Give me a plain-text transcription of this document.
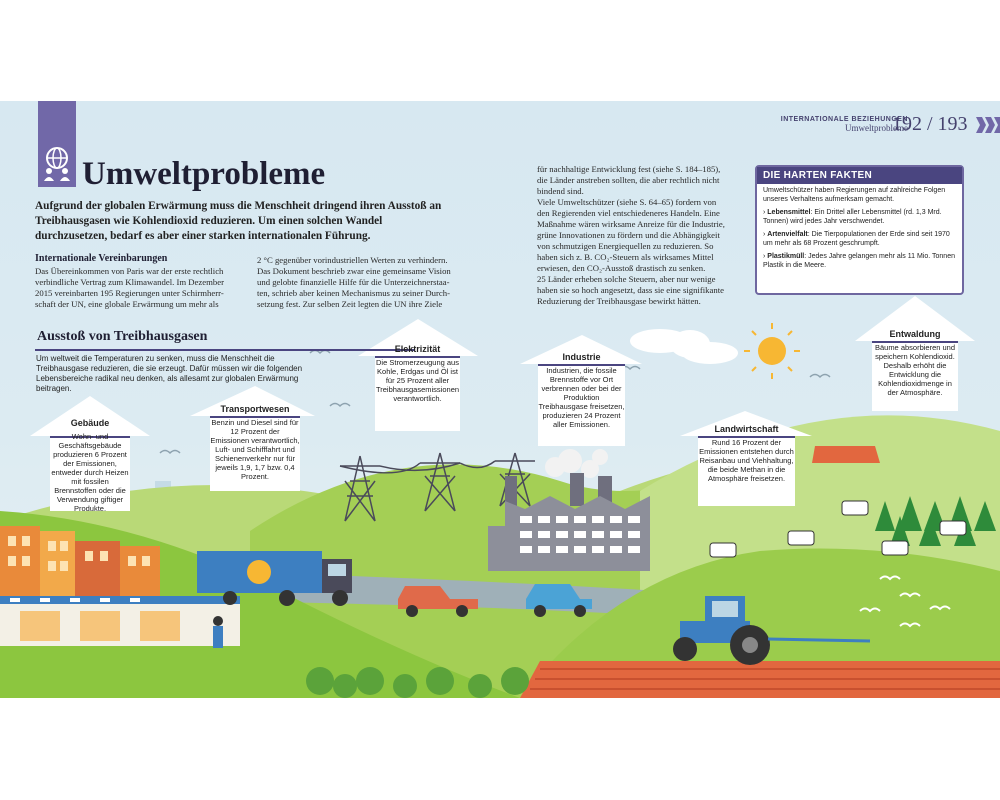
INTERNATIONALE BEZIEHUNGEN
Umweltprobleme
192 / 193
Umweltprobleme
Aufgrund der globalen Erwärmung muss die Menschheit dringend ihren Ausstoß an Treibhausgasen wie Kohlendioxid reduzieren. Um einen solchen Wandel durchzusetzen, bedarf es aber einer starken internationalen Führung.
Internationale Vereinbarungen
Das Übereinkommen von Paris war der erste rechtlich
verbindliche Vertrag zum Klimawandel. Im Dezember
2015 vereinbarten 195 Regierungen unter Schirmherr-
schaft der UN, eine globale Erwärmung um mehr als
2 °C gegenüber vorindustriellen Werten zu verhindern.
Das Dokument beschrieb zwar eine gemeinsame Vision
und gelobte finanzielle Hilfe für die Unterzeichnerstaa-
ten, schrieb aber keinen Mechanismus zu seiner Durch-
setzung fest. Zur selben Zeit legten die UN ihre Ziele
für nachhaltige Entwicklung fest (siehe S. 184–185),
die Länder anstreben sollten, die aber rechtlich nicht
bindend sind.
Viele Umweltschützer (siehe S. 64–65) fordern von
den Regierenden viel entschiedeneres Handeln. Eine
Maßnahme wären wirksame Anreize für die Industrie,
grüne Innovationen zu fördern und die Abhängigkeit
von schmutzigen Energiequellen zu reduzieren. So
haben sich z. B. CO₂-Steuern als wirksames Mittel
erwiesen, den CO₂-Ausstoß drastisch zu senken.
25 Länder erheben solche Steuern, aber nur wenige
haben sie so hoch angesetzt, dass sie eine signifikante
Reduzierung der Treibhausgase bewirkt hätten.
DIE HARTEN FAKTEN
Umweltschützer haben Regierungen auf zahlreiche Folgen unseres Verhaltens aufmerksam gemacht.
› Lebensmittel: Ein Drittel aller Lebensmittel (rd. 1,3 Mrd. Tonnen) wird jedes Jahr verschwendet.
› Artenvielfalt: Die Tierpopulationen der Erde sind seit 1970 um mehr als 68 Prozent geschrumpft.
› Plastikmüll: Jedes Jahre gelangen mehr als 11 Mio. Tonnen Plastik in die Meere.
Ausstoß von Treibhausgasen
Um weltweit die Temperaturen zu senken, muss die Menschheit die Treibhausgase reduzieren, die sie erzeugt. Dafür müssen wir die folgenden Lebensbereiche radikal neu denken, als allesamt zur globalen Erwärmung beitragen.
Gebäude
Wohn- und Geschäftsgebäude produzieren 6 Prozent der Emissionen, entweder durch Heizen mit fossilen Brennstoffen oder die Verwendung giftiger Produkte.
Transportwesen
Benzin und Diesel sind für 12 Prozent der Emissionen verantwortlich, Luft- und Schifffahrt und Schienenverkehr nur für jeweils 1,9, 1,7 bzw. 0,4 Prozent.
Elektrizität
Die Stromerzeugung aus Kohle, Erdgas und Öl ist für 25 Prozent aller Treibhausgasemissionen verantwortlich.
Industrie
Industrien, die fossile Brennstoffe vor Ort verbrennen oder bei der Produktion Treibhausgase freisetzen, produzieren 24 Prozent aller Emissionen.	Landwirtschaft
Rund 16 Prozent der Emissionen entstehen durch Reisanbau und Viehhaltung, die beide Methan in die Atmosphäre freisetzen.
Entwaldung
Bäume absorbieren und speichern Kohlendioxid. Deshalb erhöht die Entwicklung die Kohlendioxidmenge in der Atmosphäre.
